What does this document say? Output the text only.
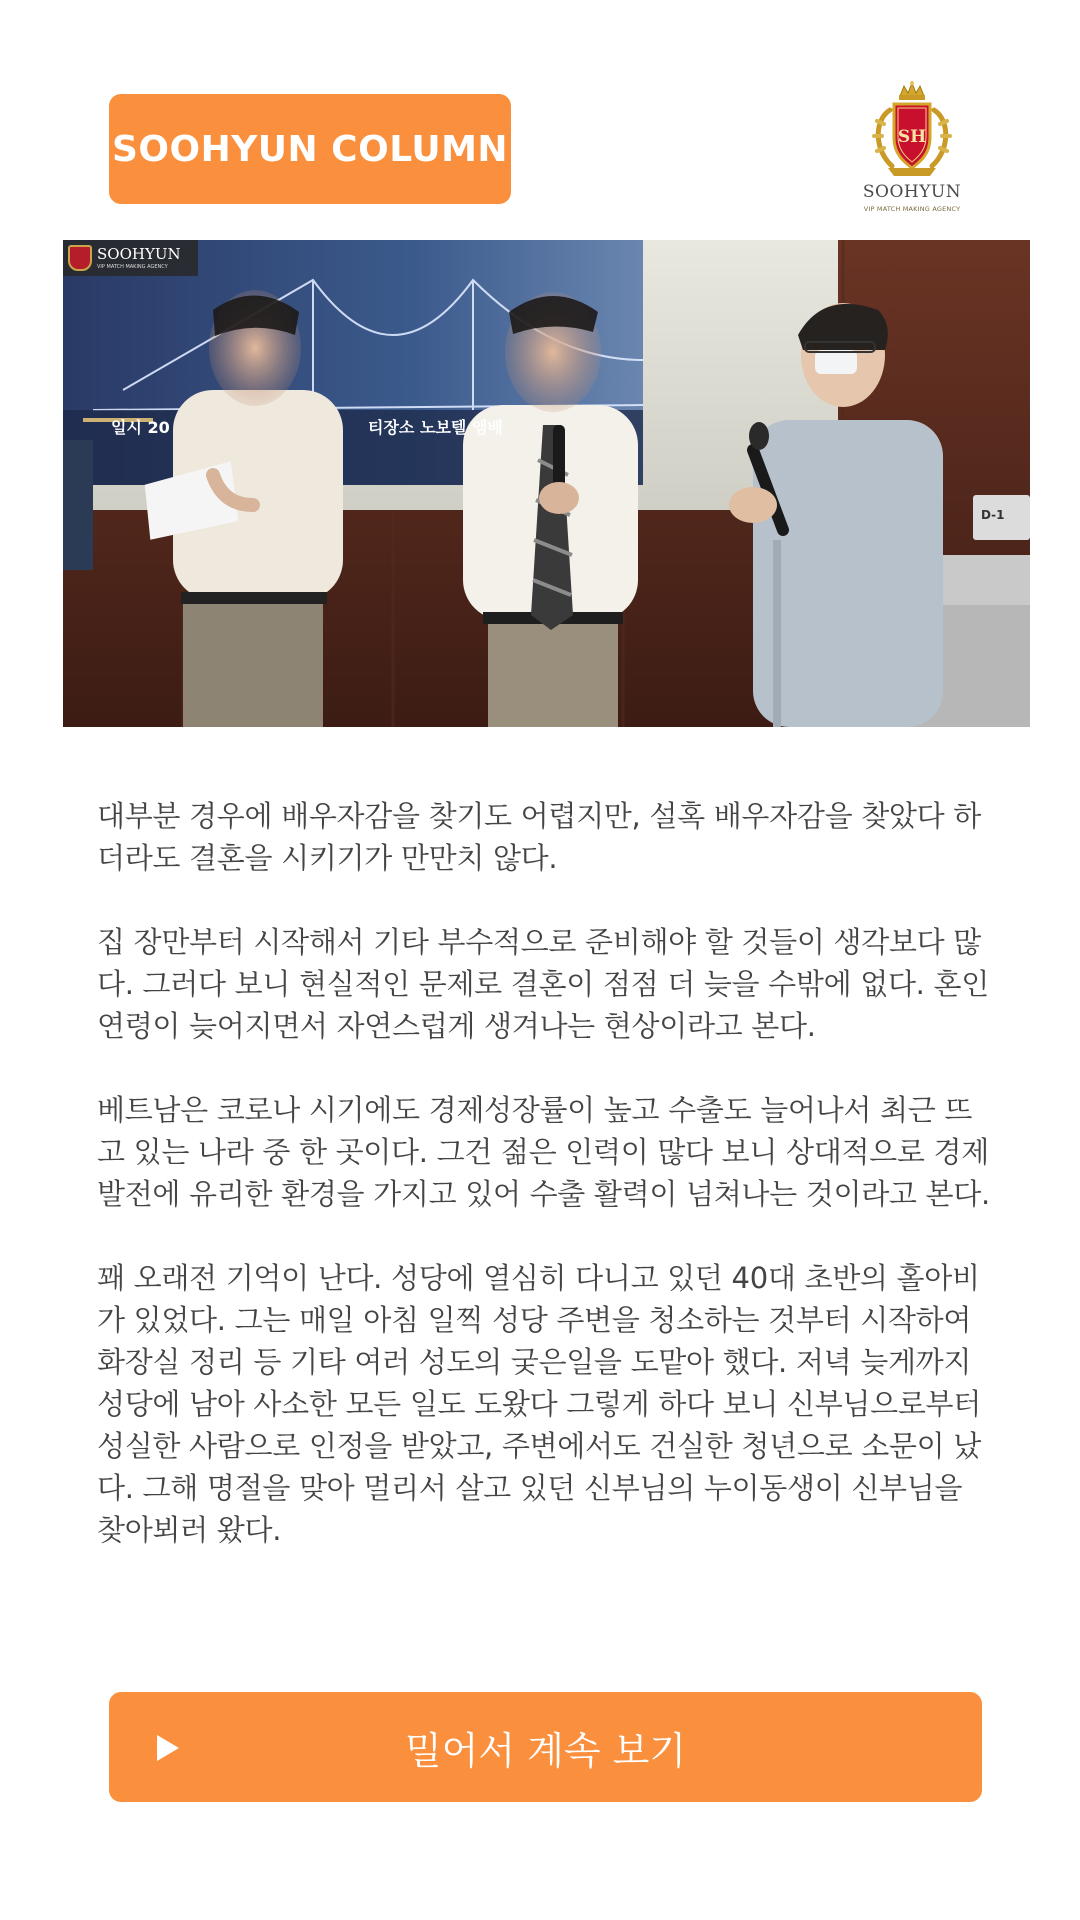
SOOHYUN COLUMN	SH
SOOHYUN
VIP MATCH MAKING AGENCY
SOOHYUN
VIP MATCH MAKING AGENCY
일시 20	티장소 노보텔 앰배
D-1

대부분 경우에 배우자감을 찾기도 어렵지만, 설혹 배우자감을 찾았다 하더라도 결혼을 시키기가 만만치 않다.

집 장만부터 시작해서 기타 부수적으로 준비해야 할 것들이 생각보다 많다. 그러다 보니 현실적인 문제로 결혼이 점점 더 늦을 수밖에 없다. 혼인연령이 늦어지면서 자연스럽게 생겨나는 현상이라고 본다.

베트남은 코로나 시기에도 경제성장률이 높고 수출도 늘어나서 최근 뜨고 있는 나라 중 한 곳이다. 그건 젊은 인력이 많다 보니 상대적으로 경제발전에 유리한 환경을 가지고 있어 수출 활력이 넘쳐나는 것이라고 본다.

꽤 오래전 기억이 난다. 성당에 열심히 다니고 있던 40대 초반의 홀아비가 있었다. 그는 매일 아침 일찍 성당 주변을 청소하는 것부터 시작하여 화장실 정리 등 기타 여러 성도의 궂은일을 도맡아 했다. 저녁 늦게까지 성당에 남아 사소한 모든 일도 도왔다 그렇게 하다 보니 신부님으로부터 성실한 사람으로 인정을 받았고, 주변에서도 건실한 청년으로 소문이 났다. 그해 명절을 맞아 멀리서 살고 있던 신부님의 누이동생이 신부님을 찾아뵈러 왔다.

밀어서 계속 보기
